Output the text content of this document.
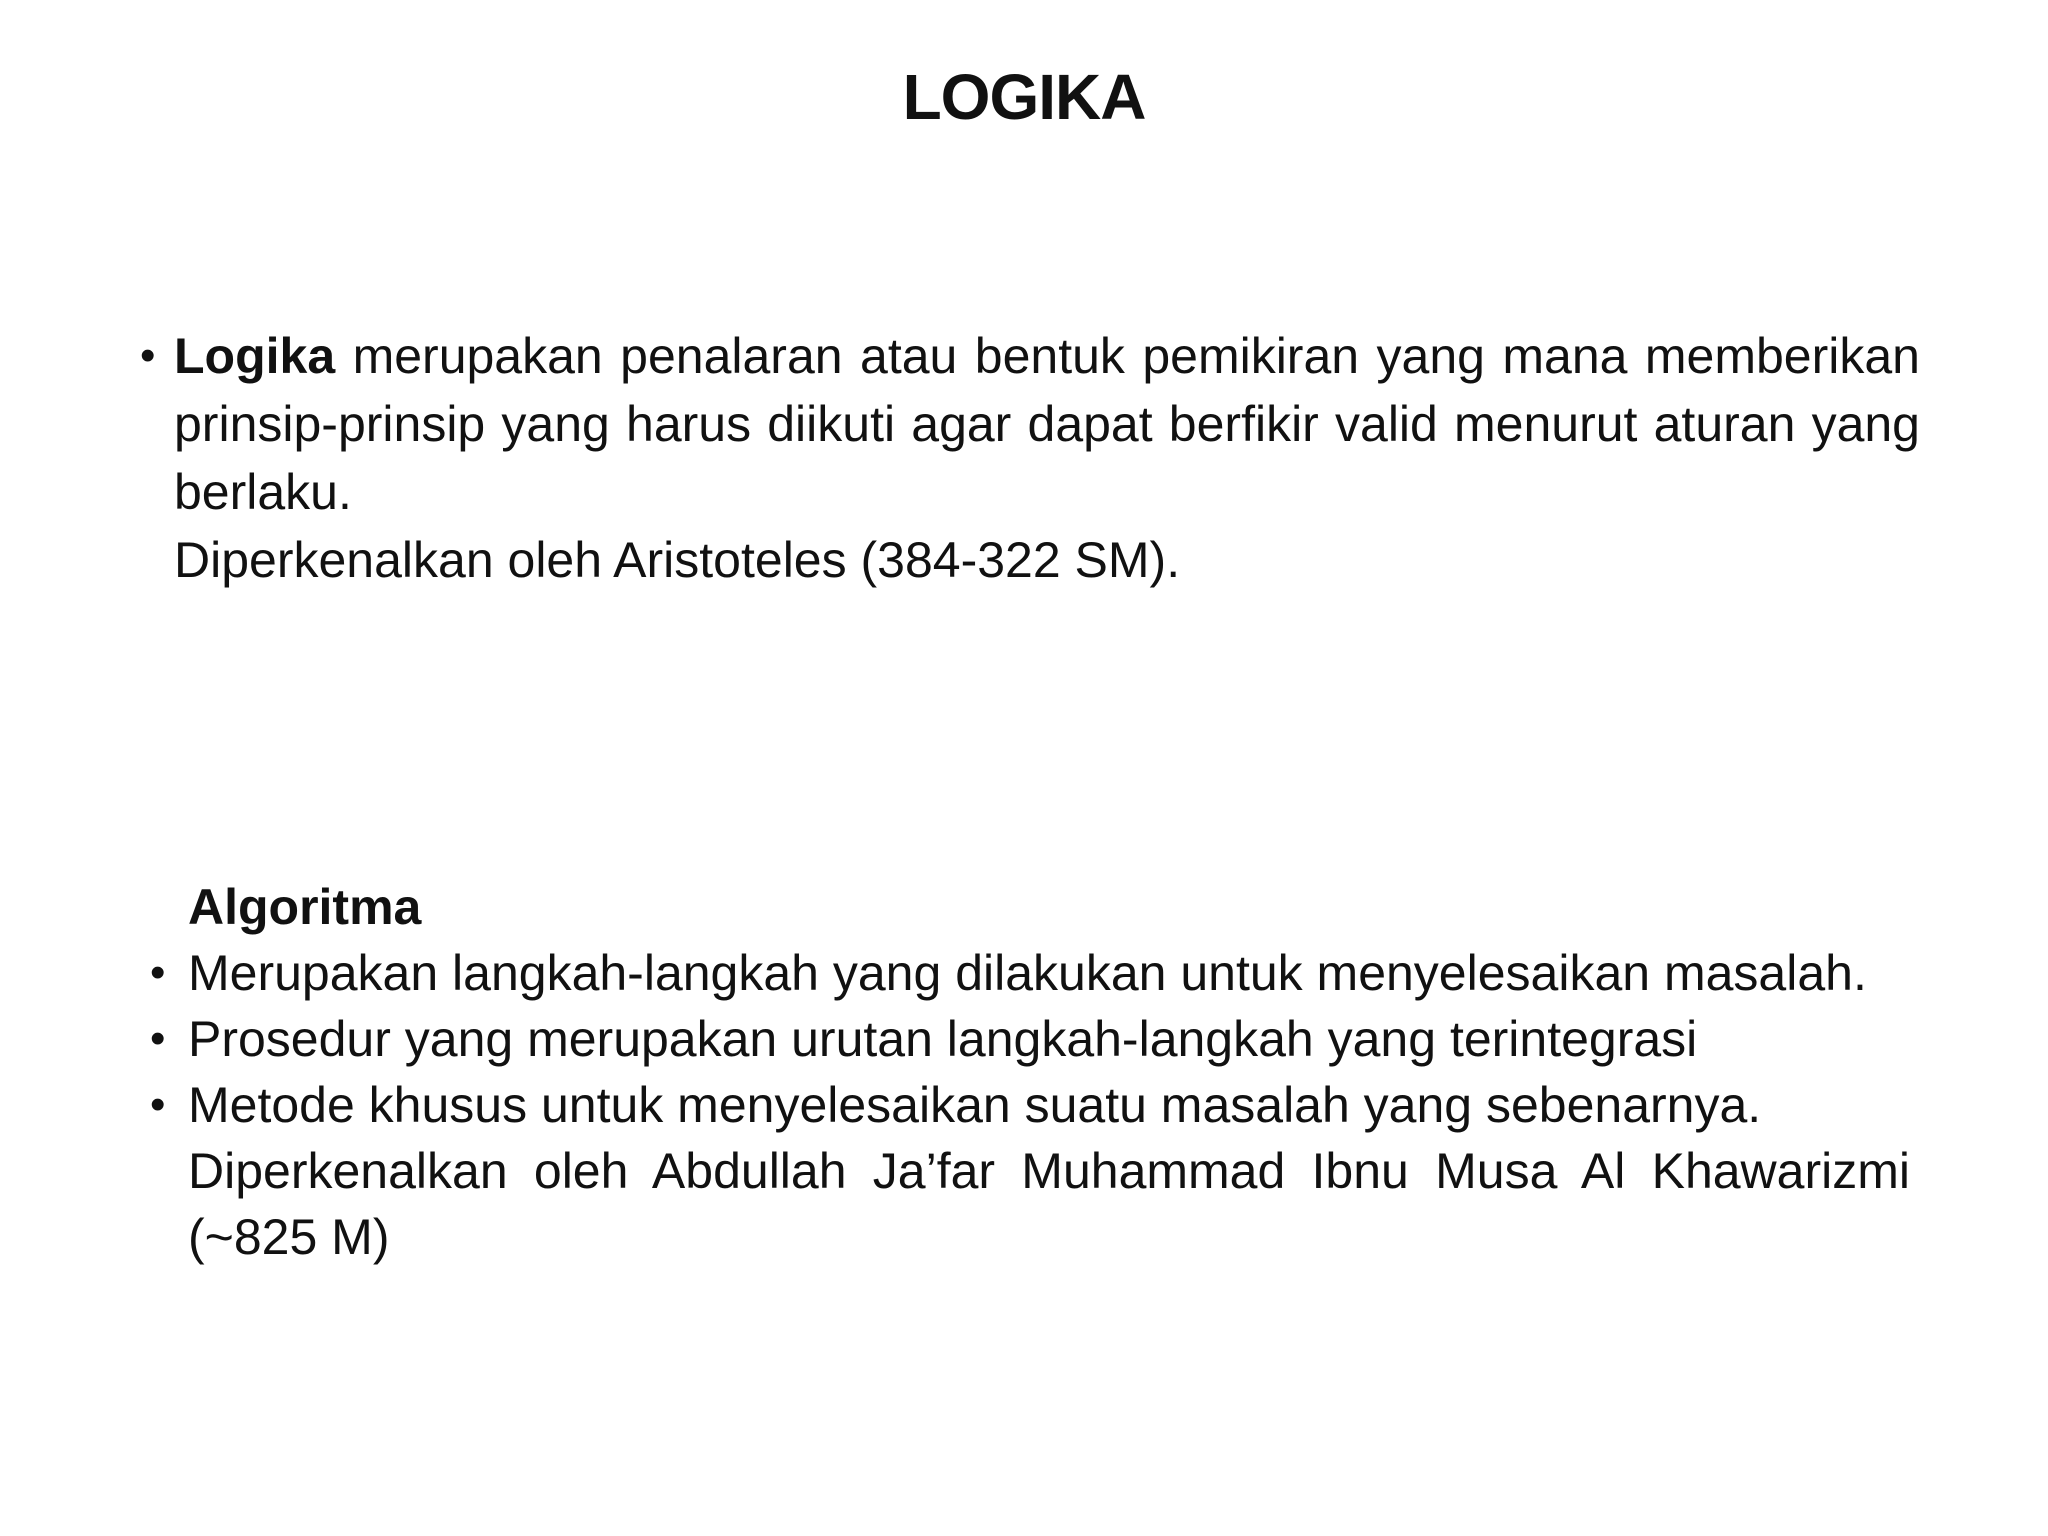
LOGIKA
• Logika merupakan penalaran atau bentuk pemikiran yang mana memberikan prinsip-prinsip yang harus diikuti agar dapat berfikir valid menurut aturan yang berlaku.
Diperkenalkan oleh Aristoteles (384-322 SM).
Algoritma
• Merupakan langkah-langkah yang dilakukan untuk menyelesaikan masalah.
• Prosedur yang merupakan urutan langkah-langkah yang terintegrasi
• Metode khusus untuk menyelesaikan suatu masalah yang sebenarnya.
Diperkenalkan oleh Abdullah Ja’far Muhammad Ibnu Musa Al Khawarizmi
(~825 M)
